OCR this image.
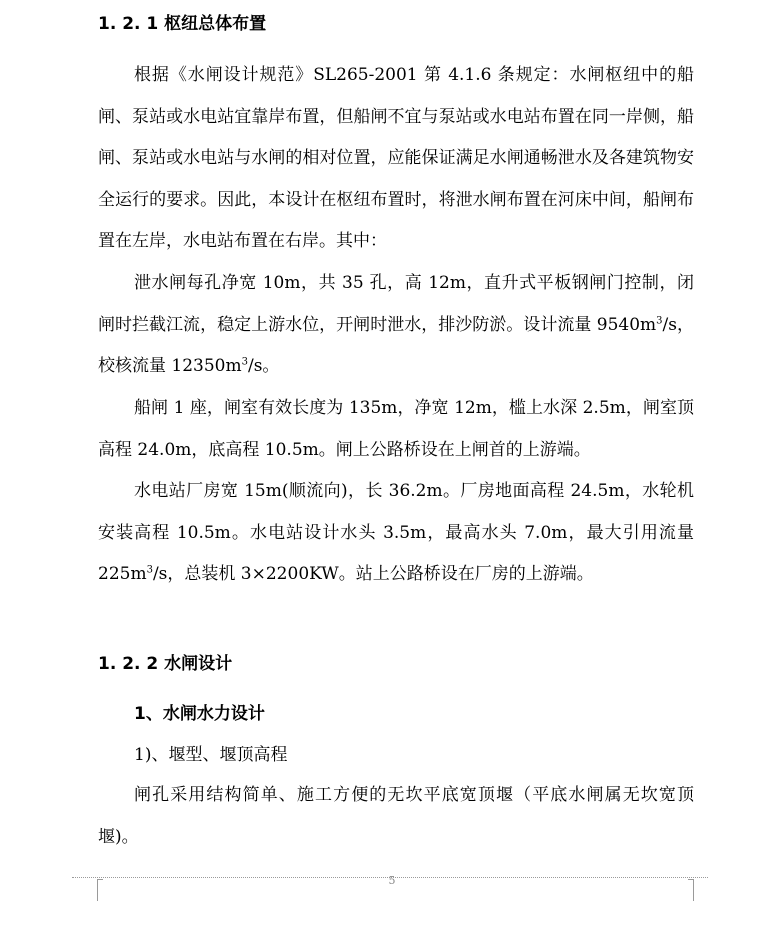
1. 2. 1 枢纽总体布置
根据《水闸设计规范》SL265-2001 第 4.1.6 条规定：水闸枢纽中的船闸、泵站或水电站宜靠岸布置，但船闸不宜与泵站或水电站布置在同一岸侧，船闸、泵站或水电站与水闸的相对位置，应能保证满足水闸通畅泄水及各建筑物安全运行的要求。因此，本设计在枢纽布置时，将泄水闸布置在河床中间，船闸布置在左岸，水电站布置在右岸。其中：
泄水闸每孔净宽 10m，共 35 孔，高 12m，直升式平板钢闸门控制，闭闸时拦截江流，稳定上游水位，开闸时泄水，排沙防淤。设计流量 $9540m^3/s$，校核流量 $12350m^3/s$。
船闸 1 座，闸室有效长度为 135m，净宽 12m，槛上水深 2.5m，闸室顶高程 24.0m，底高程 10.5m。闸上公路桥设在上闸首的上游端。
水电站厂房宽 15m(顺流向)，长 36.2m。厂房地面高程 24.5m，水轮机安装高程 10.5m。水电站设计水头 3.5m，最高水头 7.0m，最大引用流量 $225m^3/s$，总装机 3×2200KW。站上公路桥设在厂房的上游端。
1. 2. 2 水闸设计
1、水闸水力设计
1)、堰型、堰顶高程
闸孔采用结构简单、施工方便的无坎平底宽顶堰（平底水闸属无坎宽顶堰)。
5
